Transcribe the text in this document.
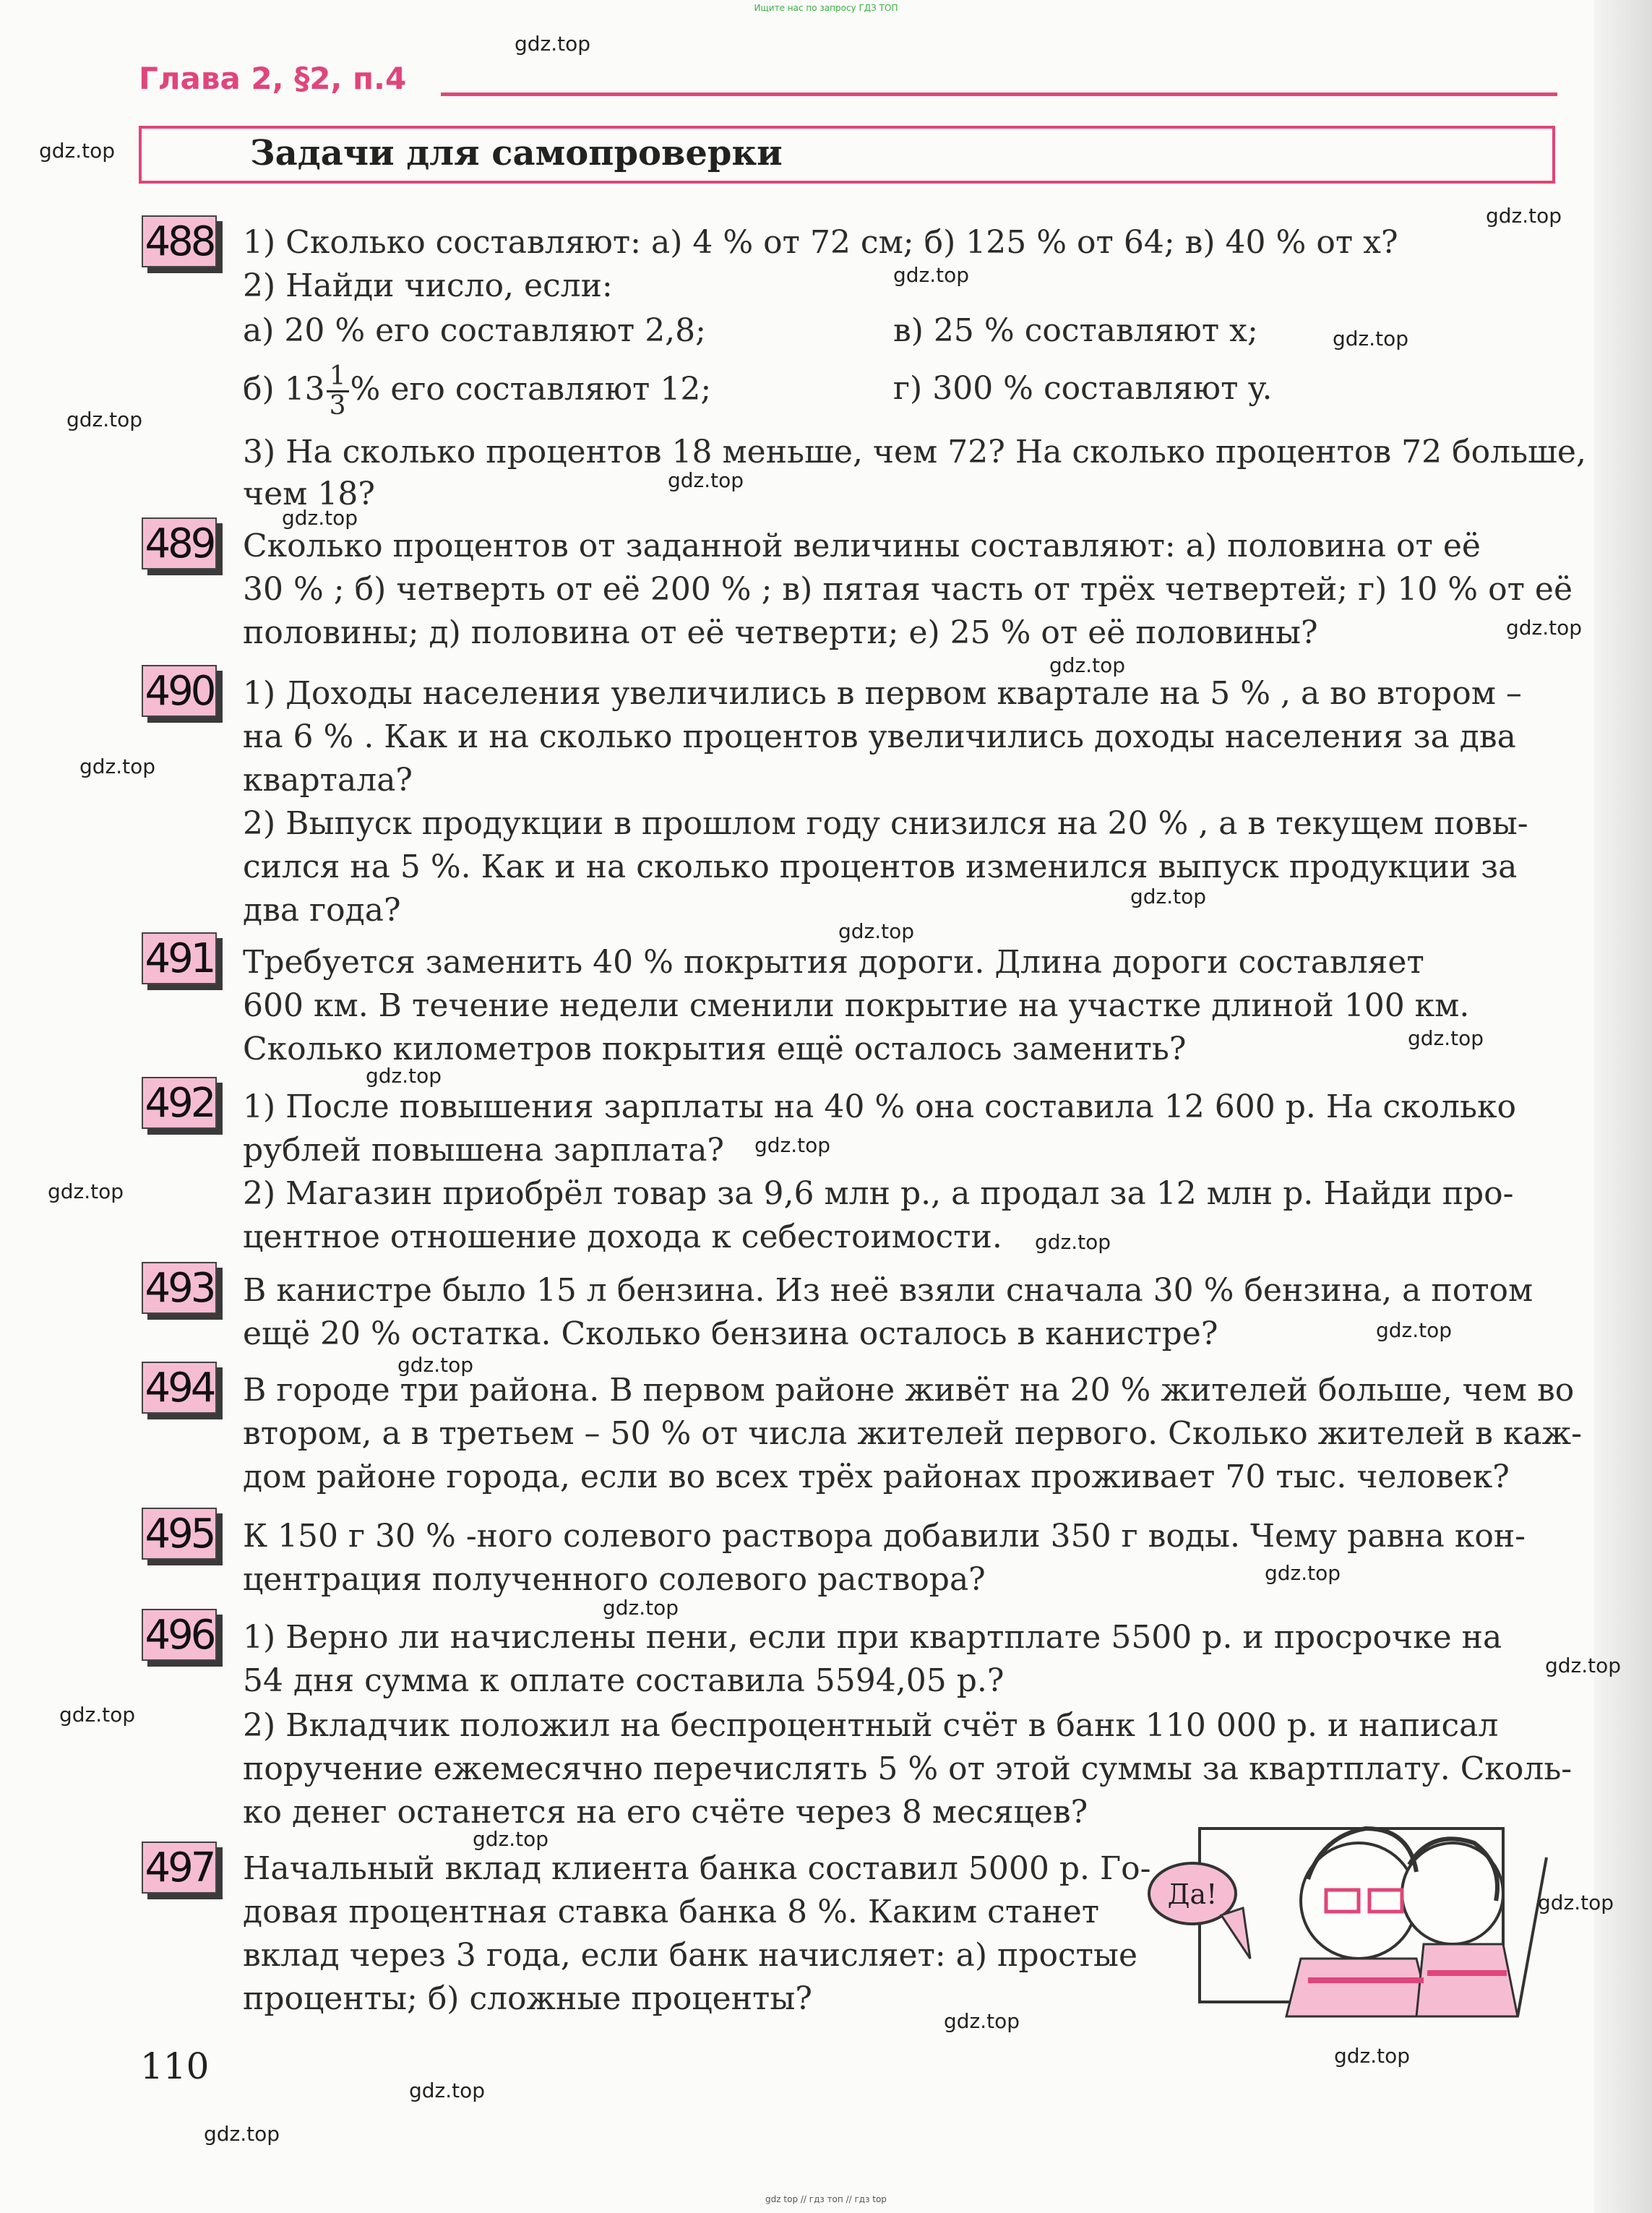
Ищите нас по запросу ГДЗ ТОП
Глава 2, §2, п.4
Задачи для самопроверки
488 1) Сколько составляют: а) 4 % от 72 см; б) 125 % от 64; в) 40 % от x?
2) Найди число, если:
а) 20 % его составляют 2,8;	в) 25 % составляют x;
б) $13 \frac{1}{3}$ % его составляют 12;	г) 300 % составляют y.
3) На сколько процентов 18 меньше, чем 72? На сколько процентов 72 больше,
чем 18?
489 Сколько процентов от заданной величины составляют: а) половина от её
30 % ; б) четверть от её 200 % ; в) пятая часть от трёх четвертей; г) 10 % от её
половины; д) половина от её четверти; е) 25 % от её половины?
490 1) Доходы населения увеличились в первом квартале на 5 % , а во втором –
на 6 % . Как и на сколько процентов увеличились доходы населения за два
квартала?
2) Выпуск продукции в прошлом году снизился на 20 % , а в текущем повы-
сился на 5 %. Как и на сколько процентов изменился выпуск продукции за
два года?
491 Требуется заменить 40 % покрытия дороги. Длина дороги составляет
600 км. В течение недели сменили покрытие на участке длиной 100 км.
Сколько километров покрытия ещё осталось заменить?
492 1) После повышения зарплаты на 40 % она составила 12 600 р. На сколько
рублей повышена зарплата?
2) Магазин приобрёл товар за 9,6 млн р., а продал за 12 млн р. Найди про-
центное отношение дохода к себестоимости.
493 В канистре было 15 л бензина. Из неё взяли сначала 30 % бензина, а потом
ещё 20 % остатка. Сколько бензина осталось в канистре?
494 В городе три района. В первом районе живёт на 20 % жителей больше, чем во
втором, а в третьем – 50 % от числа жителей первого. Сколько жителей в каж-
дом районе города, если во всех трёх районах проживает 70 тыс. человек?
495 К 150 г 30 % -ного солевого раствора добавили 350 г воды. Чему равна кон-
центрация полученного солевого раствора?
496 1) Верно ли начислены пени, если при квартплате 5500 р. и просрочке на
54 дня сумма к оплате составила 5594,05 р.?
2) Вкладчик положил на беспроцентный счёт в банк 110 000 р. и написал
поручение ежемесячно перечислять 5 % от этой суммы за квартплату. Сколь-
ко денег останется на его счёте через 8 месяцев?
497 Начальный вклад клиента банка составил 5000 р. Го-
довая процентная ставка банка 8 %. Каким станет
вклад через 3 года, если банк начисляет: а) простые
проценты; б) сложные проценты?
Да!
110
gdz.top
gdz.top
gdz.top
gdz.top
gdz.top
gdz.top
gdz.top
gdz.top
gdz.top
gdz.top
gdz.top
gdz.top
gdz.top
gdz.top
gdz.top
gdz.top
gdz.top
gdz.top
gdz.top
gdz.top
gdz.top
gdz.top
gdz.top
gdz.top
gdz.top
gdz.top
gdz.top
gdz.top
gdz.top
gdz.top
gdz top // гдз топ // гдз top
